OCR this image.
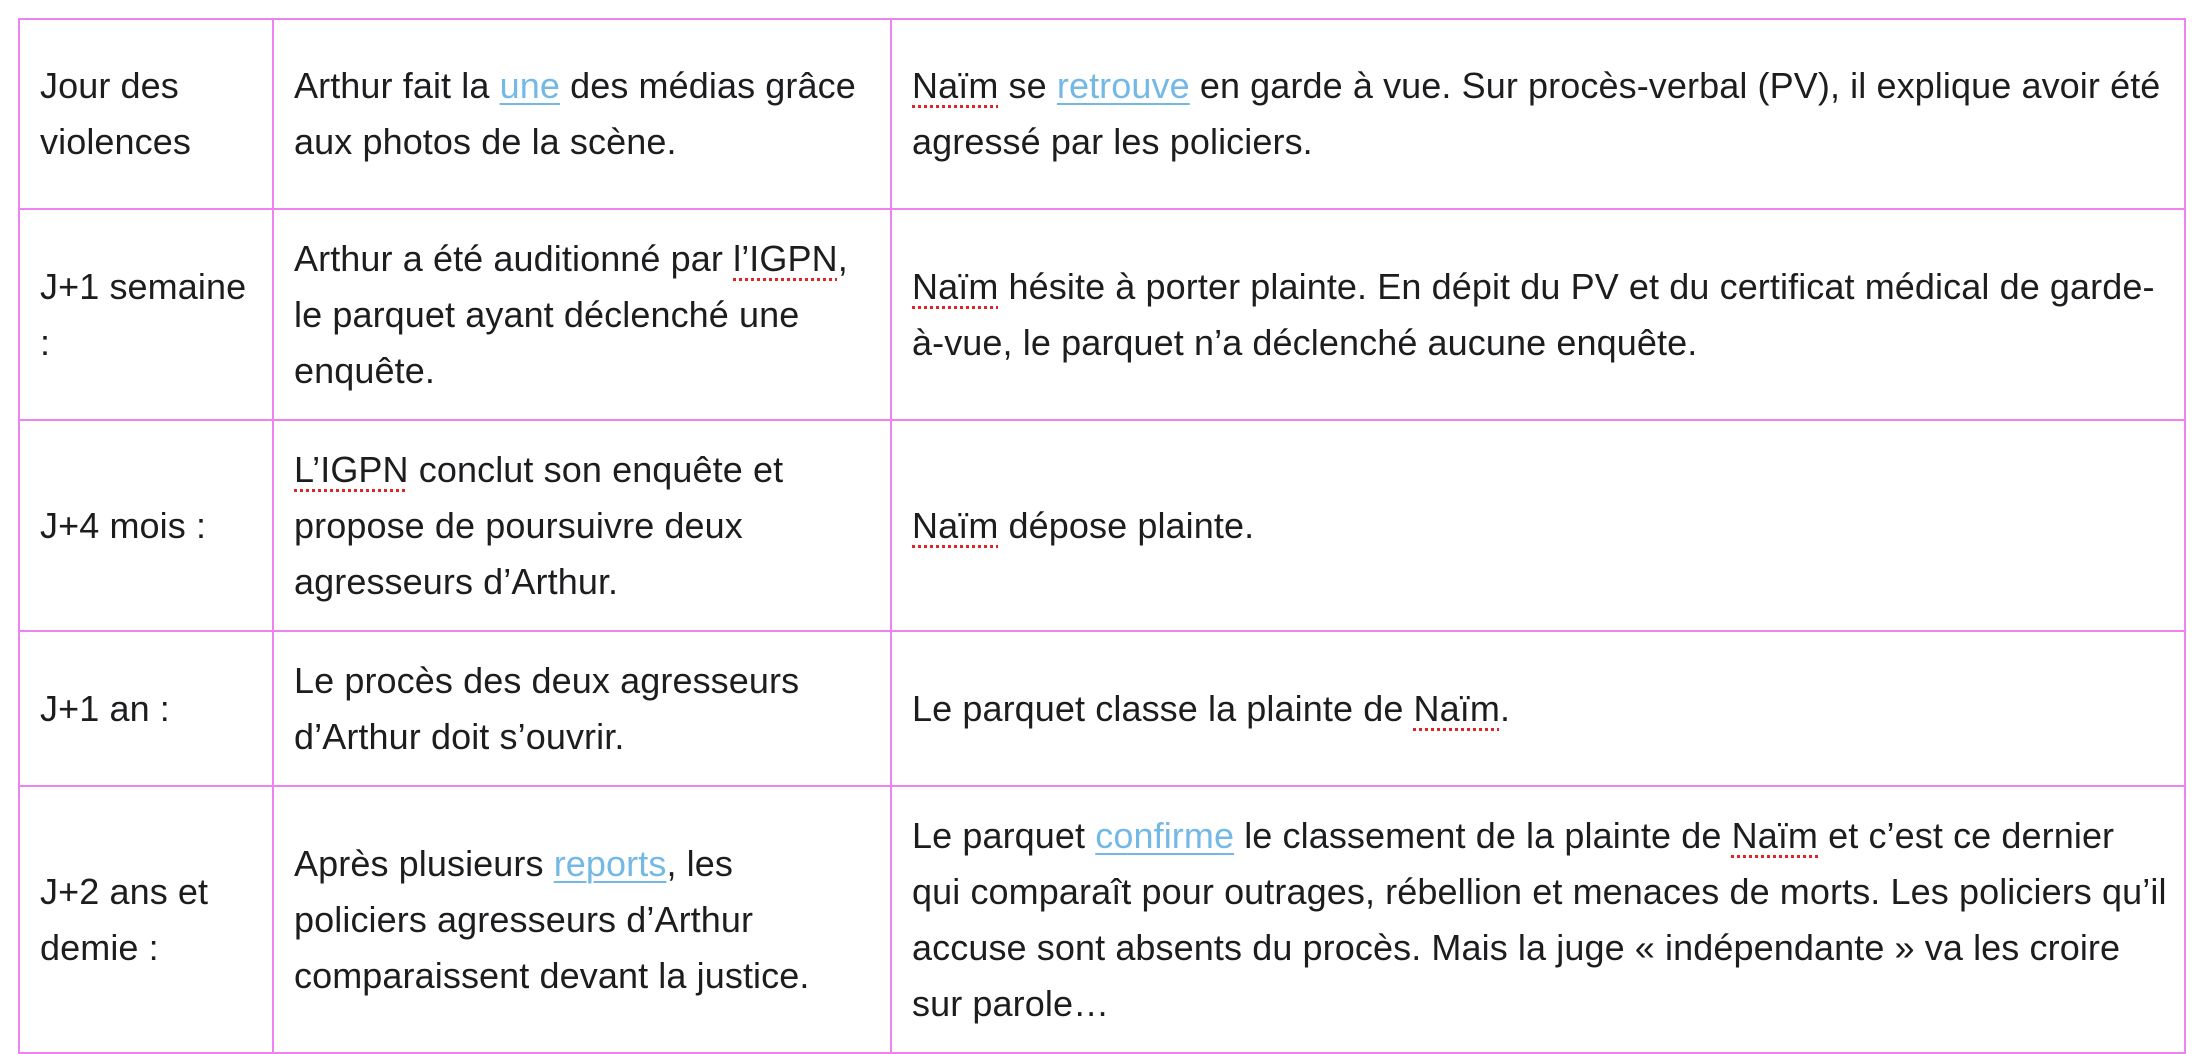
Jour des violences	Arthur fait la une des médias grâce aux photos de la scène.	Naïm se retrouve en garde à vue. Sur procès-verbal (PV), il explique avoir été agressé par les policiers.
J+1 semaine :	Arthur a été auditionné par l’IGPN, le parquet ayant déclenché une enquête.	Naïm hésite à porter plainte. En dépit du PV et du certificat médical de garde-à-vue, le parquet n’a déclenché aucune enquête.
J+4 mois :	L’IGPN conclut son enquête et propose de poursuivre deux agresseurs d’Arthur.	Naïm dépose plainte.
J+1 an :	Le procès des deux agresseurs d’Arthur doit s’ouvrir.	Le parquet classe la plainte de Naïm.
J+2 ans et demie :	Après plusieurs reports, les policiers agresseurs d’Arthur comparaissent devant la justice.	Le parquet confirme le classement de la plainte de Naïm et c’est ce dernier qui comparaît pour outrages, rébellion et menaces de morts. Les policiers qu’il accuse sont absents du procès. Mais la juge « indépendante » va les croire sur parole…
